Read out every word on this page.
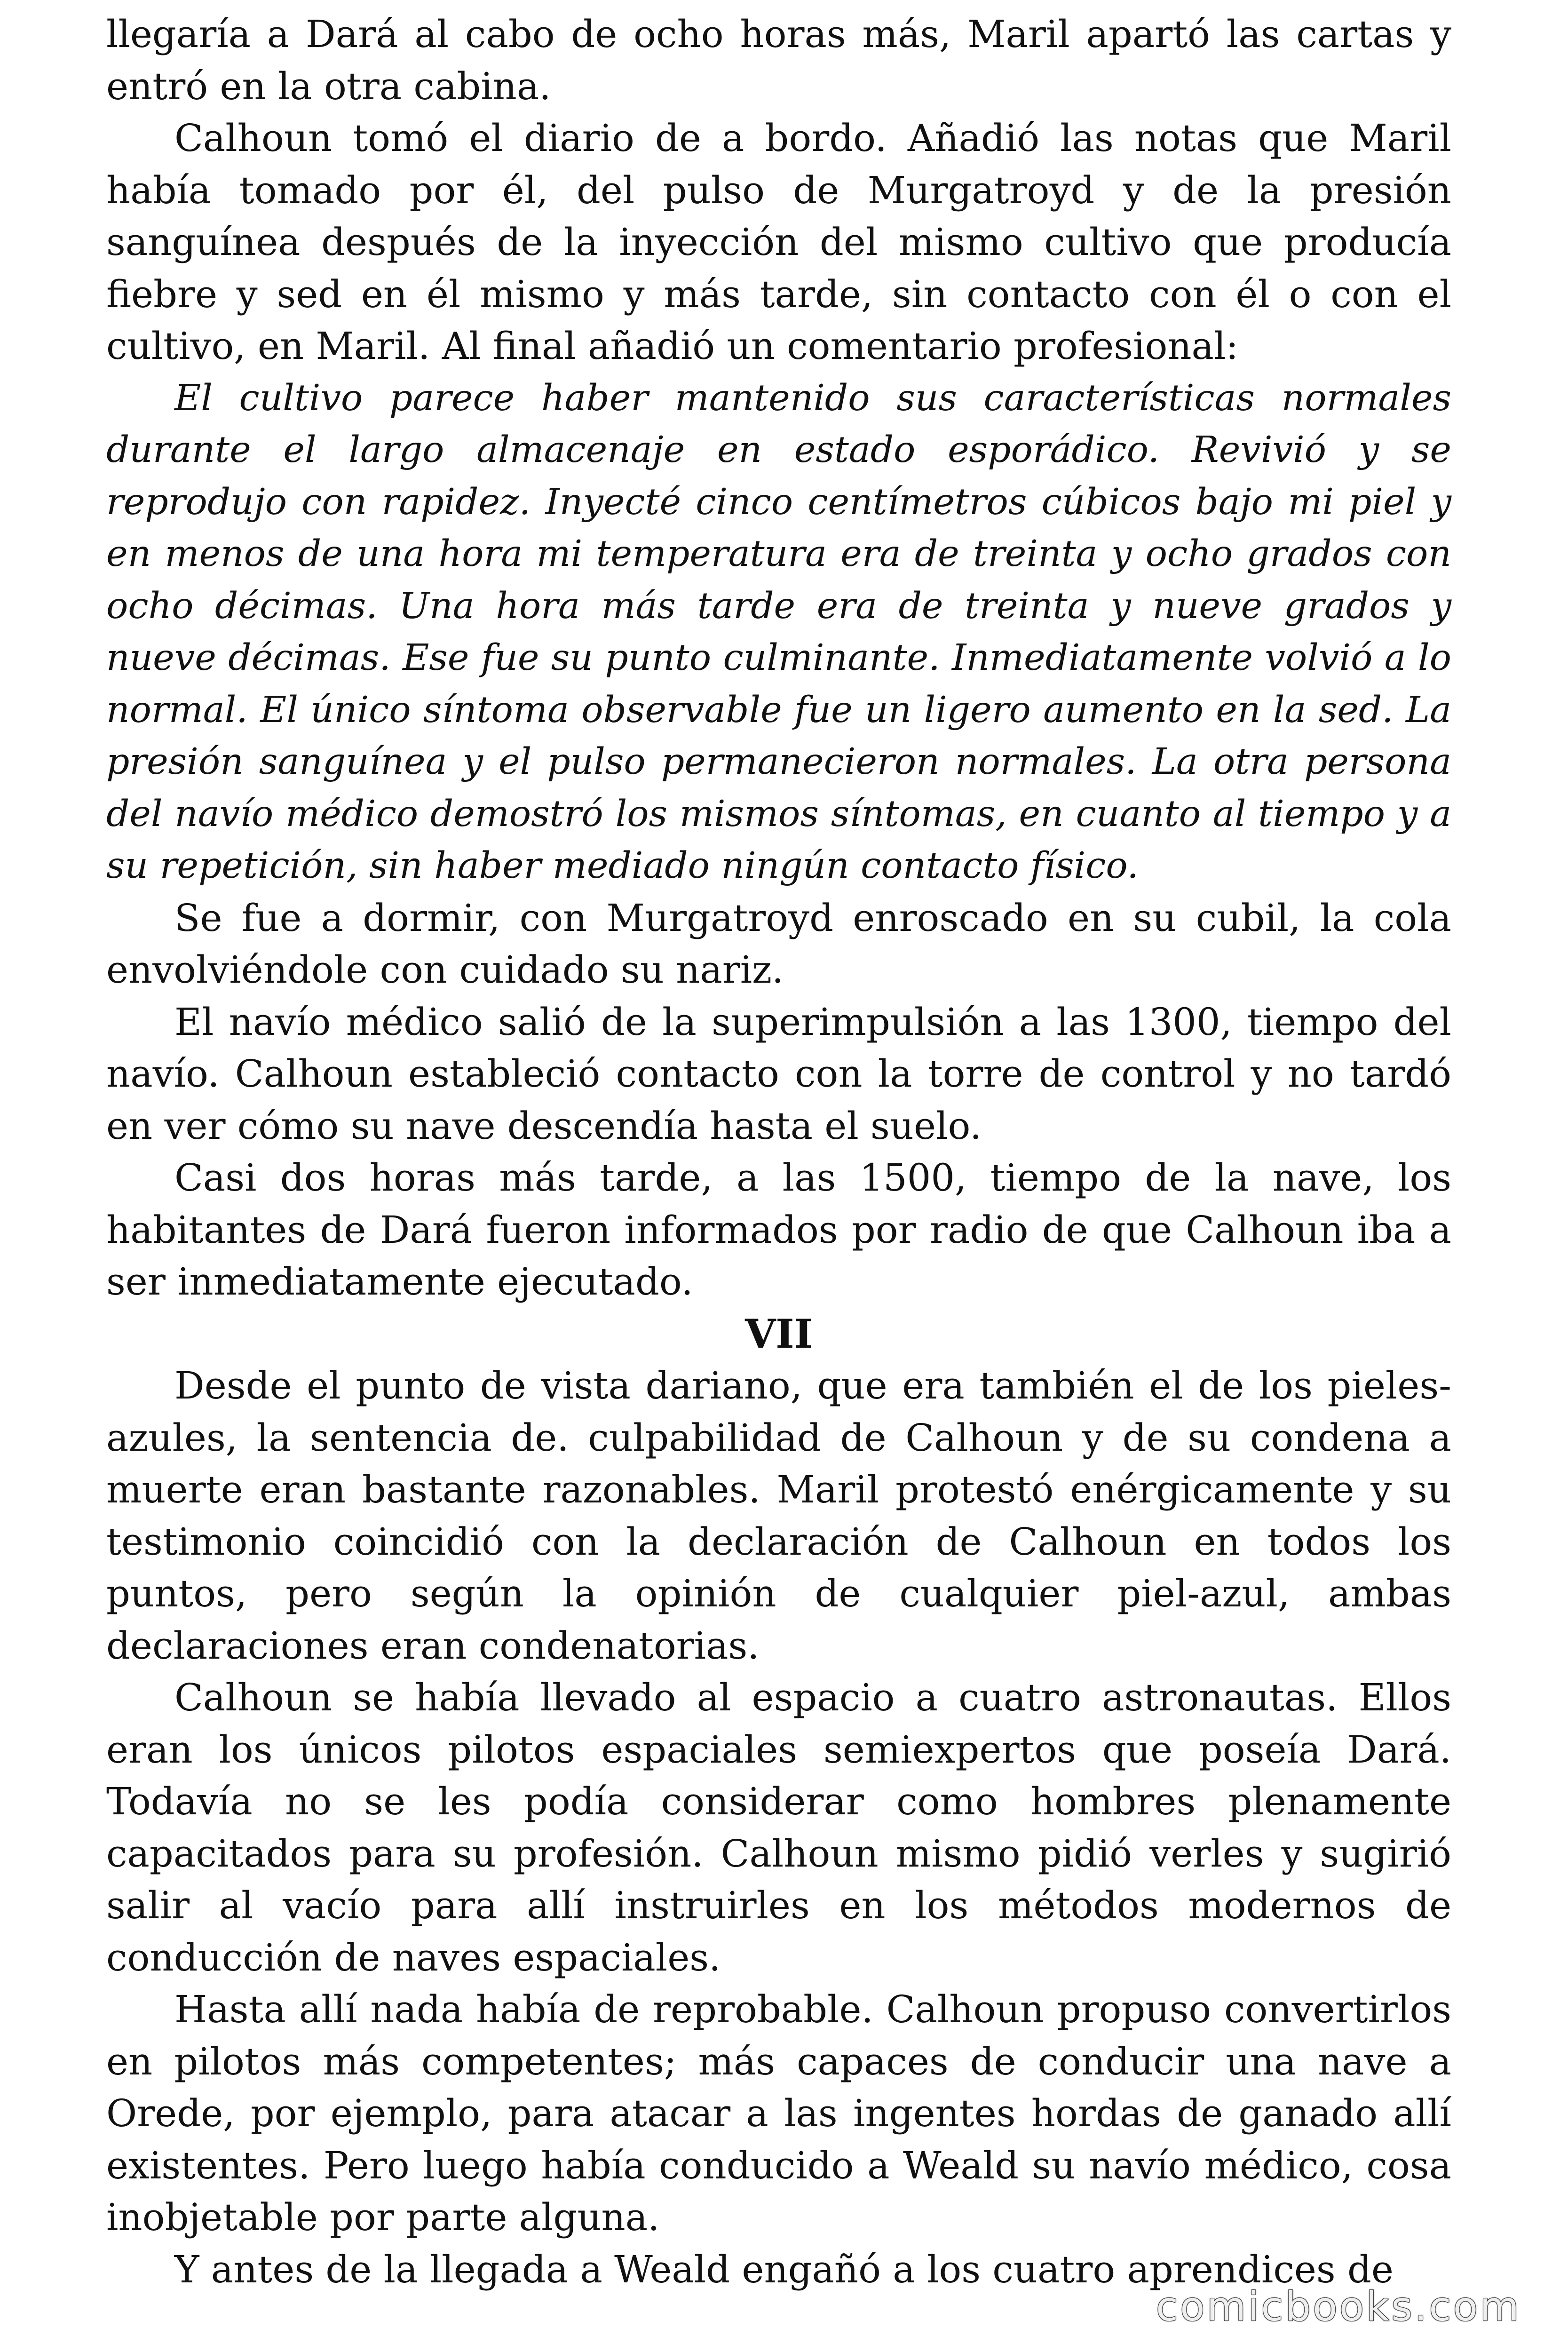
llegaría a Dará al cabo de ocho horas más, Maril apartó las cartas y entró en la otra cabina.

Calhoun tomó el diario de a bordo. Añadió las notas que Maril había tomado por él, del pulso de Murgatroyd y de la presión sanguínea después de la inyección del mismo cultivo que producía fiebre y sed en él mismo y más tarde, sin contacto con él o con el cultivo, en Maril. Al final añadió un comentario profesional:

El cultivo parece haber mantenido sus características normales durante el largo almacenaje en estado esporádico. Revivió y se reprodujo con rapidez. Inyecté cinco centímetros cúbicos bajo mi piel y en menos de una hora mi temperatura era de treinta y ocho grados con ocho décimas. Una hora más tarde era de treinta y nueve grados y nueve décimas. Ese fue su punto culminante. Inmediatamente volvió a lo normal. El único síntoma observable fue un ligero aumento en la sed. La presión sanguínea y el pulso permanecieron normales. La otra persona del navío médico demostró los mismos síntomas, en cuanto al tiempo y a su repetición, sin haber mediado ningún contacto físico.

Se fue a dormir, con Murgatroyd enroscado en su cubil, la cola envolviéndole con cuidado su nariz.

El navío médico salió de la superimpulsión a las 1300, tiempo del navío. Calhoun estableció contacto con la torre de control y no tardó en ver cómo su nave descendía hasta el suelo.

Casi dos horas más tarde, a las 1500, tiempo de la nave, los habitantes de Dará fueron informados por radio de que Calhoun iba a ser inmediatamente ejecutado.

VII

Desde el punto de vista dariano, que era también el de los pieles-azules, la sentencia de. culpabilidad de Calhoun y de su condena a muerte eran bastante razonables. Maril protestó enérgicamente y su testimonio coincidió con la declaración de Calhoun en todos los puntos, pero según la opinión de cualquier piel-azul, ambas declaraciones eran condenatorias.

Calhoun se había llevado al espacio a cuatro astronautas. Ellos eran los únicos pilotos espaciales semiexpertos que poseía Dará. Todavía no se les podía considerar como hombres plenamente capacitados para su profesión. Calhoun mismo pidió verles y sugirió salir al vacío para allí instruirles en los métodos modernos de conducción de naves espaciales.

Hasta allí nada había de reprobable. Calhoun propuso convertirlos en pilotos más competentes; más capaces de conducir una nave a Orede, por ejemplo, para atacar a las ingentes hordas de ganado allí existentes. Pero luego había conducido a Weald su navío médico, cosa inobjetable por parte alguna.

Y antes de la llegada a Weald engañó a los cuatro aprendices de

comicbooks.com
